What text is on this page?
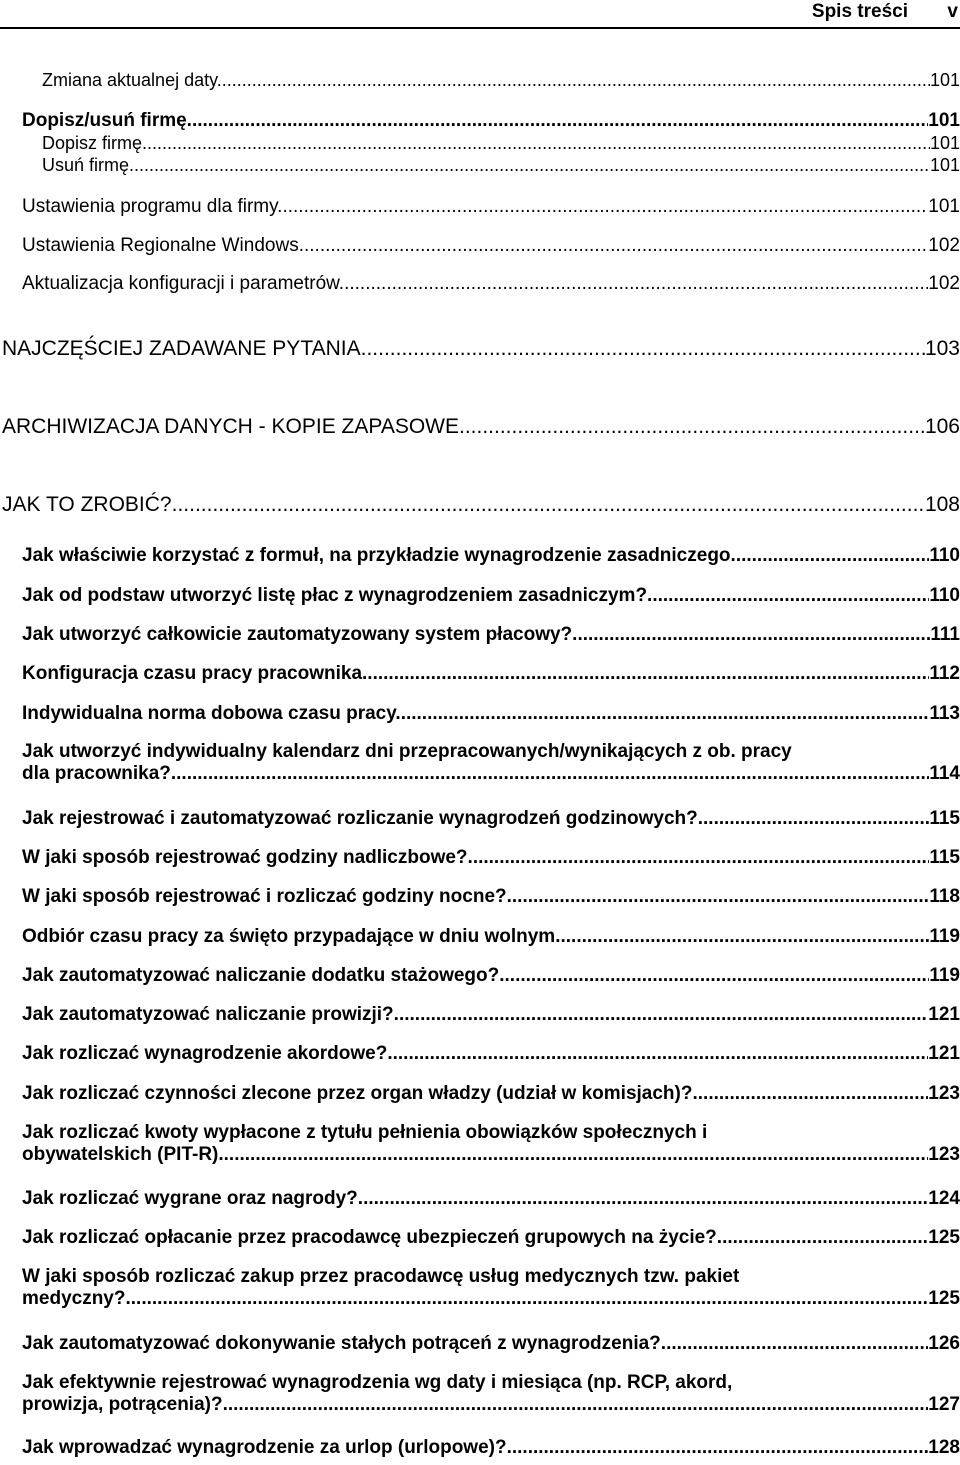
Spis treści v
Zmiana aktualnej daty. .....	101
Dopisz/usuń firmę. .....	101
Dopisz firmę. .....	101
Usuń firmę. .....	101
Ustawienia programu dla firmy. .....	101
Ustawienia Regionalne Windows. .....	102
Aktualizacja konfiguracji i parametrów. .....	102
NAJCZĘŚCIEJ ZADAWANE PYTANIA. .....	103
ARCHIWIZACJA DANYCH - KOPIE ZAPASOWE. .....	106
JAK TO ZROBIĆ?. .....	108
Jak właściwie korzystać z formuł, na przykładzie wynagrodzenie zasadniczego. .....	110
Jak od podstaw utworzyć listę płac z wynagrodzeniem zasadniczym?. .....	110
Jak utworzyć całkowicie zautomatyzowany system płacowy?. .....	111
Konfiguracja czasu pracy pracownika. .....	112
Indywidualna norma dobowa czasu pracy. .....	113
Jak utworzyć indywidualny kalendarz dni przepracowanych/wynikających z ob. pracy
dla pracownika?. .....	114
Jak rejestrować i zautomatyzować rozliczanie wynagrodzeń godzinowych?. .....	115
W jaki sposób rejestrować godziny nadliczbowe?. .....	115
W jaki sposób rejestrować i rozliczać godziny nocne?. .....	118
Odbiór czasu pracy za święto przypadające w dniu wolnym. .....	119
Jak zautomatyzować naliczanie dodatku stażowego?. .....	119
Jak zautomatyzować naliczanie prowizji?. .....	121
Jak rozliczać wynagrodzenie akordowe?. .....	121
Jak rozliczać czynności zlecone przez organ władzy (udział w komisjach)?. .....	123
Jak rozliczać kwoty wypłacone z tytułu pełnienia obowiązków społecznych i
obywatelskich (PIT-R). .....	123
Jak rozliczać wygrane oraz nagrody?. .....	124
Jak rozliczać opłacanie przez pracodawcę ubezpieczeń grupowych na życie?. .....	125
W jaki sposób rozliczać zakup przez pracodawcę usług medycznych tzw. pakiet
medyczny?. .....	125
Jak zautomatyzować dokonywanie stałych potrąceń z wynagrodzenia?. .....	126
Jak efektywnie rejestrować wynagrodzenia wg daty i miesiąca (np. RCP, akord,
prowizja, potrącenia)?. .....	127
Jak wprowadzać wynagrodzenie za urlop (urlopowe)?. .....	128
